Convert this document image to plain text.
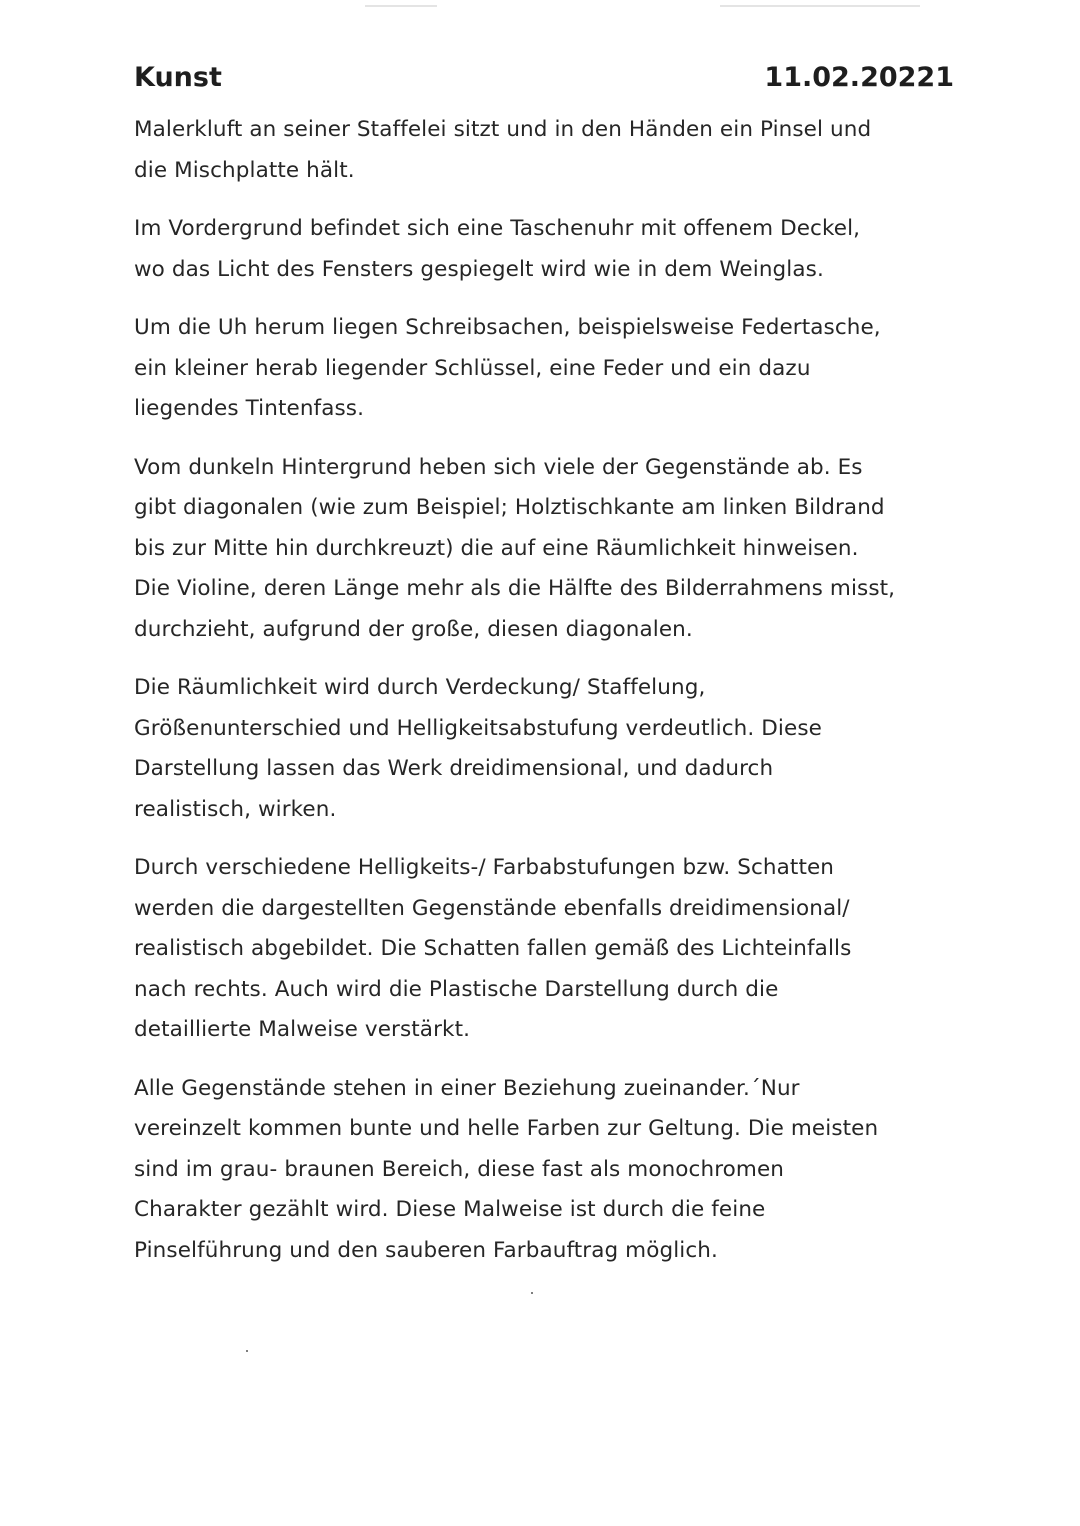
Kunst	11.02.20221

Malerkluft an seiner Staffelei sitzt und in den Händen ein Pinsel und
die Mischplatte hält.

Im Vordergrund befindet sich eine Taschenuhr mit offenem Deckel,
wo das Licht des Fensters gespiegelt wird wie in dem Weinglas.

Um die Uh herum liegen Schreibsachen, beispielsweise Federtasche,
ein kleiner herab liegender Schlüssel, eine Feder und ein dazu
liegendes Tintenfass.

Vom dunkeln Hintergrund heben sich viele der Gegenstände ab. Es
gibt diagonalen (wie zum Beispiel; Holztischkante am linken Bildrand
bis zur Mitte hin durchkreuzt) die auf eine Räumlichkeit hinweisen.
Die Violine, deren Länge mehr als die Hälfte des Bilderrahmens misst,
durchzieht, aufgrund der große, diesen diagonalen.

Die Räumlichkeit wird durch Verdeckung/ Staffelung,
Größenunterschied und Helligkeitsabstufung verdeutlich. Diese
Darstellung lassen das Werk dreidimensional, und dadurch
realistisch, wirken.

Durch verschiedene Helligkeits-/ Farbabstufungen bzw. Schatten
werden die dargestellten Gegenstände ebenfalls dreidimensional/
realistisch abgebildet. Die Schatten fallen gemäß des Lichteinfalls
nach rechts. Auch wird die Plastische Darstellung durch die
detaillierte Malweise verstärkt.

Alle Gegenstände stehen in einer Beziehung zueinander.´Nur
vereinzelt kommen bunte und helle Farben zur Geltung. Die meisten
sind im grau- braunen Bereich, diese fast als monochromen
Charakter gezählt wird. Diese Malweise ist durch die feine
Pinselführung und den sauberen Farbauftrag möglich.
